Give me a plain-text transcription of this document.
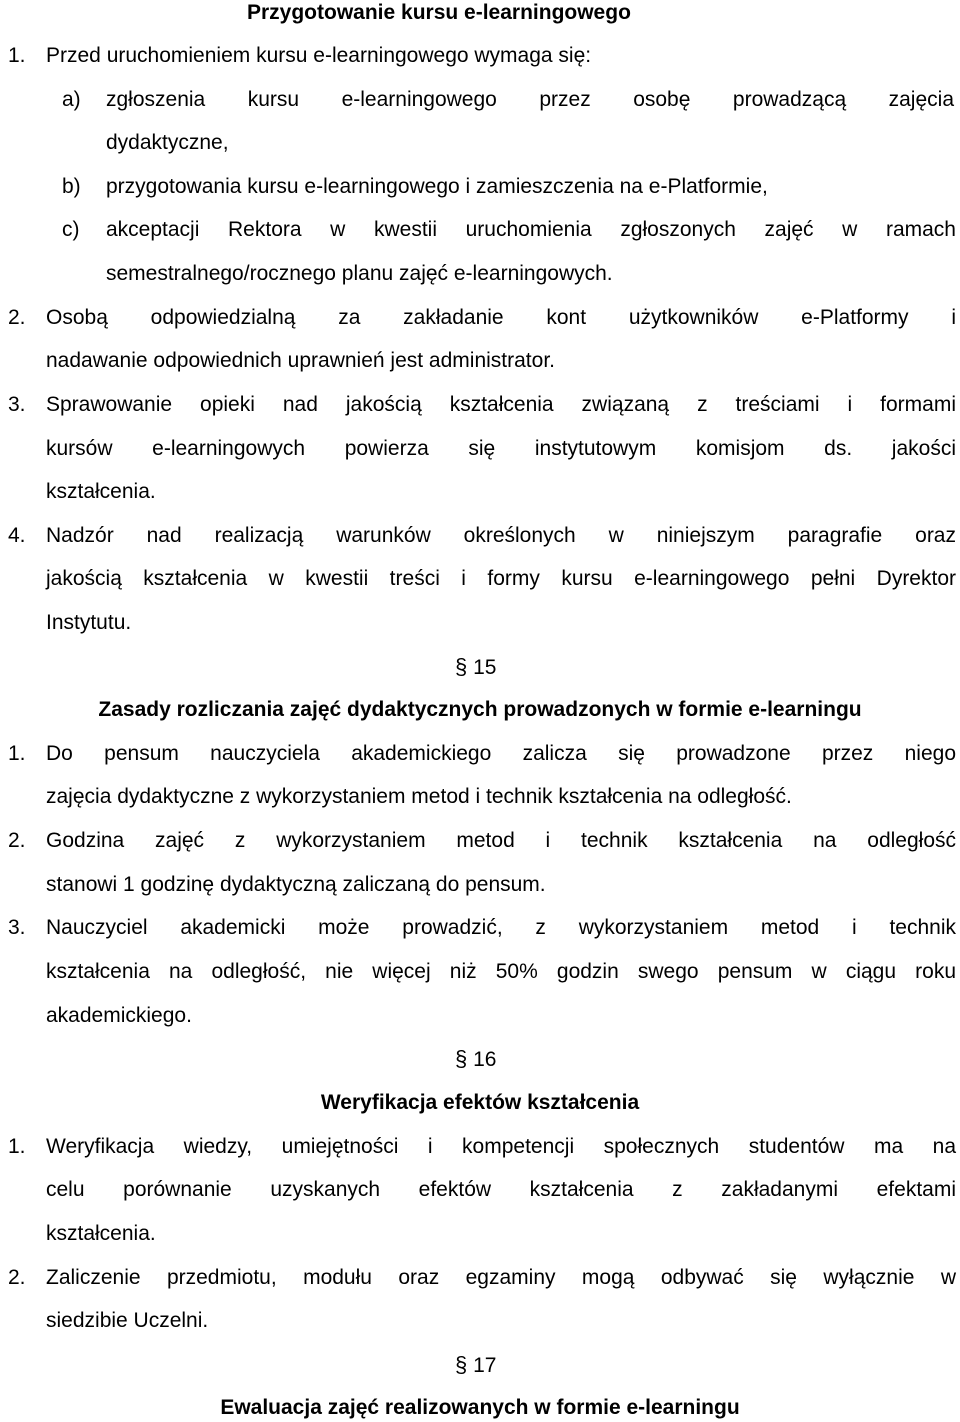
Przygotowanie kursu e-learningowego
1. Przed uruchomieniem kursu e-learningowego wymaga się:
a) zgłoszenia kursu e-learningowego przez osobę prowadzącą zajęcia
dydaktyczne,
b) przygotowania kursu e-learningowego i zamieszczenia na e-Platformie,
c) akceptacji Rektora w kwestii uruchomienia zgłoszonych zajęć w ramach
semestralnego/rocznego planu zajęć e-learningowych.
2. Osobą odpowiedzialną za zakładanie kont użytkowników e-Platformy i
nadawanie odpowiednich uprawnień jest administrator.
3. Sprawowanie opieki nad jakością kształcenia związaną z treściami i formami
kursów e-learningowych powierza się instytutowym komisjom ds. jakości
kształcenia.
4. Nadzór nad realizacją warunków określonych w niniejszym paragrafie oraz
jakością kształcenia w kwestii treści i formy kursu e-learningowego pełni Dyrektor
Instytutu.
§ 15
Zasady rozliczania zajęć dydaktycznych prowadzonych w formie e-learningu
1. Do pensum nauczyciela akademickiego zalicza się prowadzone przez niego
zajęcia dydaktyczne z wykorzystaniem metod i technik kształcenia na odległość.
2. Godzina zajęć z wykorzystaniem metod i technik kształcenia na odległość
stanowi 1 godzinę dydaktyczną zaliczaną do pensum.
3. Nauczyciel akademicki może prowadzić, z wykorzystaniem metod i technik
kształcenia na odległość, nie więcej niż 50% godzin swego pensum w ciągu roku
akademickiego.
§ 16
Weryfikacja efektów kształcenia
1. Weryfikacja wiedzy, umiejętności i kompetencji społecznych studentów ma na
celu porównanie uzyskanych efektów kształcenia z zakładanymi efektami
kształcenia.
2. Zaliczenie przedmiotu, modułu oraz egzaminy mogą odbywać się wyłącznie w
siedzibie Uczelni.
§ 17
Ewaluacja zajęć realizowanych w formie e-learningu
